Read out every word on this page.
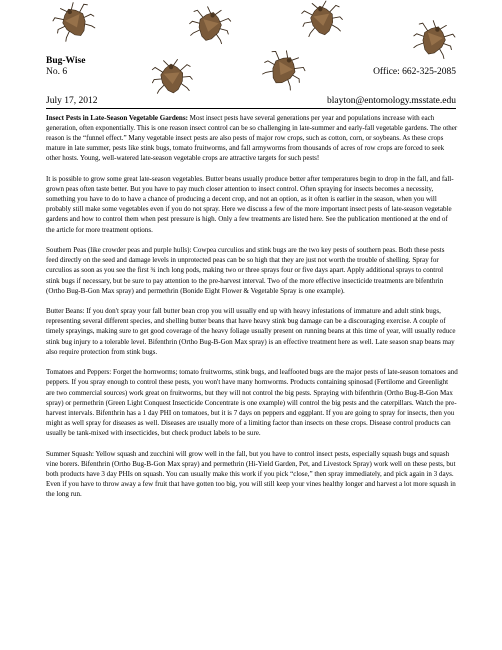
Bug-Wise
No. 6	Office: 662-325-2085
July 17, 2012	blayton@entomology.msstate.edu

Insect Pests in Late-Season Vegetable Gardens: Most insect pests have several generations per year and populations increase with each generation, often exponentially. This is one reason insect control can be so challenging in late-summer and early-fall vegetable gardens. The other reason is the “funnel effect.” Many vegetable insect pests are also pests of major row crops, such as cotton, corn, or soybeans. As these crops mature in late summer, pests like stink bugs, tomato fruitworms, and fall armyworms from thousands of acres of row crops are forced to seek other hosts. Young, well-watered late-season vegetable crops are attractive targets for such pests!

It is possible to grow some great late-season vegetables. Butter beans usually produce better after temperatures begin to drop in the fall, and fall-grown peas often taste better. But you have to pay much closer attention to insect control. Often spraying for insects becomes a necessity, something you have to do to have a chance of producing a decent crop, and not an option, as it often is earlier in the season, when you will probably still make some vegetables even if you do not spray. Here we discuss a few of the more important insect pests of late-season vegetable gardens and how to control them when pest pressure is high. Only a few treatments are listed here. See the publication mentioned at the end of the article for more treatment options.

Southern Peas (like crowder peas and purple hulls): Cowpea curculios and stink bugs are the two key pests of southern peas. Both these pests feed directly on the seed and damage levels in unprotected peas can be so high that they are just not worth the trouble of shelling. Spray for curculios as soon as you see the first ¾ inch long pods, making two or three sprays four or five days apart. Apply additional sprays to control stink bugs if necessary, but be sure to pay attention to the pre-harvest interval. Two of the more effective insecticide treatments are bifenthrin (Ortho Bug-B-Gon Max spray) and permethrin (Bonide Eight Flower & Vegetable Spray is one example).

Butter Beans: If you don't spray your fall butter bean crop you will usually end up with heavy infestations of immature and adult stink bugs, representing several different species, and shelling butter beans that have heavy stink bug damage can be a discouraging exercise. A couple of timely sprayings, making sure to get good coverage of the heavy foliage usually present on running beans at this time of year, will usually reduce stink bug injury to a tolerable level. Bifenthrin (Ortho Bug-B-Gon Max spray) is an effective treatment here as well. Late season snap beans may also require protection from stink bugs.

Tomatoes and Peppers: Forget the hornworms; tomato fruitworms, stink bugs, and leaffooted bugs are the major pests of late-season tomatoes and peppers. If you spray enough to control these pests, you won't have many hornworms. Products containing spinosad (Fertilome and Greenlight are two commercial sources) work great on fruitworms, but they will not control the big pests. Spraying with bifenthrin (Ortho Bug-B-Gon Max spray) or permethrin (Green Light Conquest Insecticide Concentrate is one example) will control the big pests and the caterpillars. Watch the pre-harvest intervals. Bifenthrin has a 1 day PHI on tomatoes, but it is 7 days on peppers and eggplant. If you are going to spray for insects, then you might as well spray for diseases as well. Diseases are usually more of a limiting factor than insects on these crops. Disease control products can usually be tank-mixed with insecticides, but check product labels to be sure.

Summer Squash: Yellow squash and zucchini will grow well in the fall, but you have to control insect pests, especially squash bugs and squash vine borers. Bifenthrin (Ortho Bug-B-Gon Max spray) and permethrin (Hi-Yield Garden, Pet, and Livestock Spray) work well on these pests, but both products have 3 day PHIs on squash. You can usually make this work if you pick “close,” then spray immediately, and pick again in 3 days. Even if you have to throw away a few fruit that have gotten too big, you will still keep your vines healthy longer and harvest a lot more squash in the long run.
